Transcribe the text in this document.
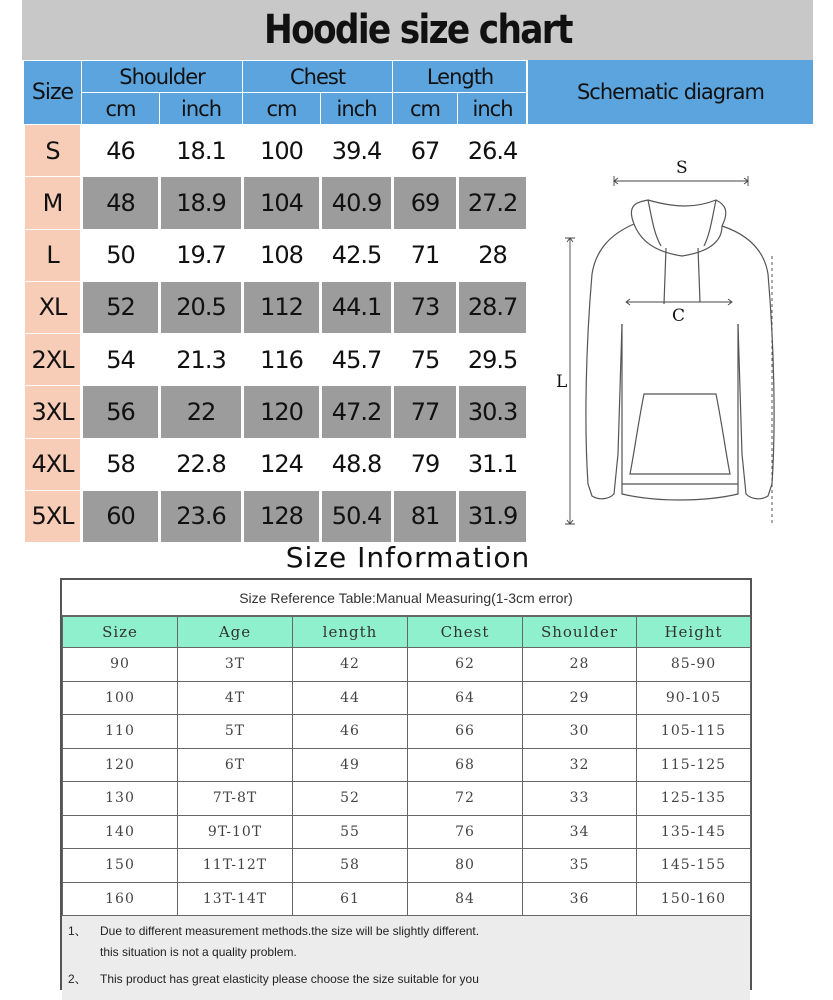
Hoodie size chart
Size	Shoulder		Chest		Length	
	cm	inch	cm	inch	cm	inch
S	46	18.1	100	39.4	67	26.4
M	48	18.9	104	40.9	69	27.2
L	50	19.7	108	42.5	71	28
XL	52	20.5	112	44.1	73	28.7
2XL	54	21.3	116	45.7	75	29.5
3XL	56	22	120	47.2	77	30.3
4XL	58	22.8	124	48.8	79	31.1
5XL	60	23.6	128	50.4	81	31.9
Schematic diagram
S
C
L
Size Information
Size Reference Table:Manual Measuring(1-3cm error)
Size	Age	length	Chest	Shoulder	Height
90	3T	42	62	28	85-90
100	4T	44	64	29	90-105
110	5T	46	66	30	105-115
120	6T	49	68	32	115-125
130	7T-8T	52	72	33	125-135
140	9T-10T	55	76	34	135-145
150	11T-12T	58	80	35	145-155
160	13T-14T	61	84	36	150-160
1、 Due to different measurement methods.the size will be slightly different.
this situation is not a quality problem.
2、 This product has great elasticity please choose the size suitable for you
